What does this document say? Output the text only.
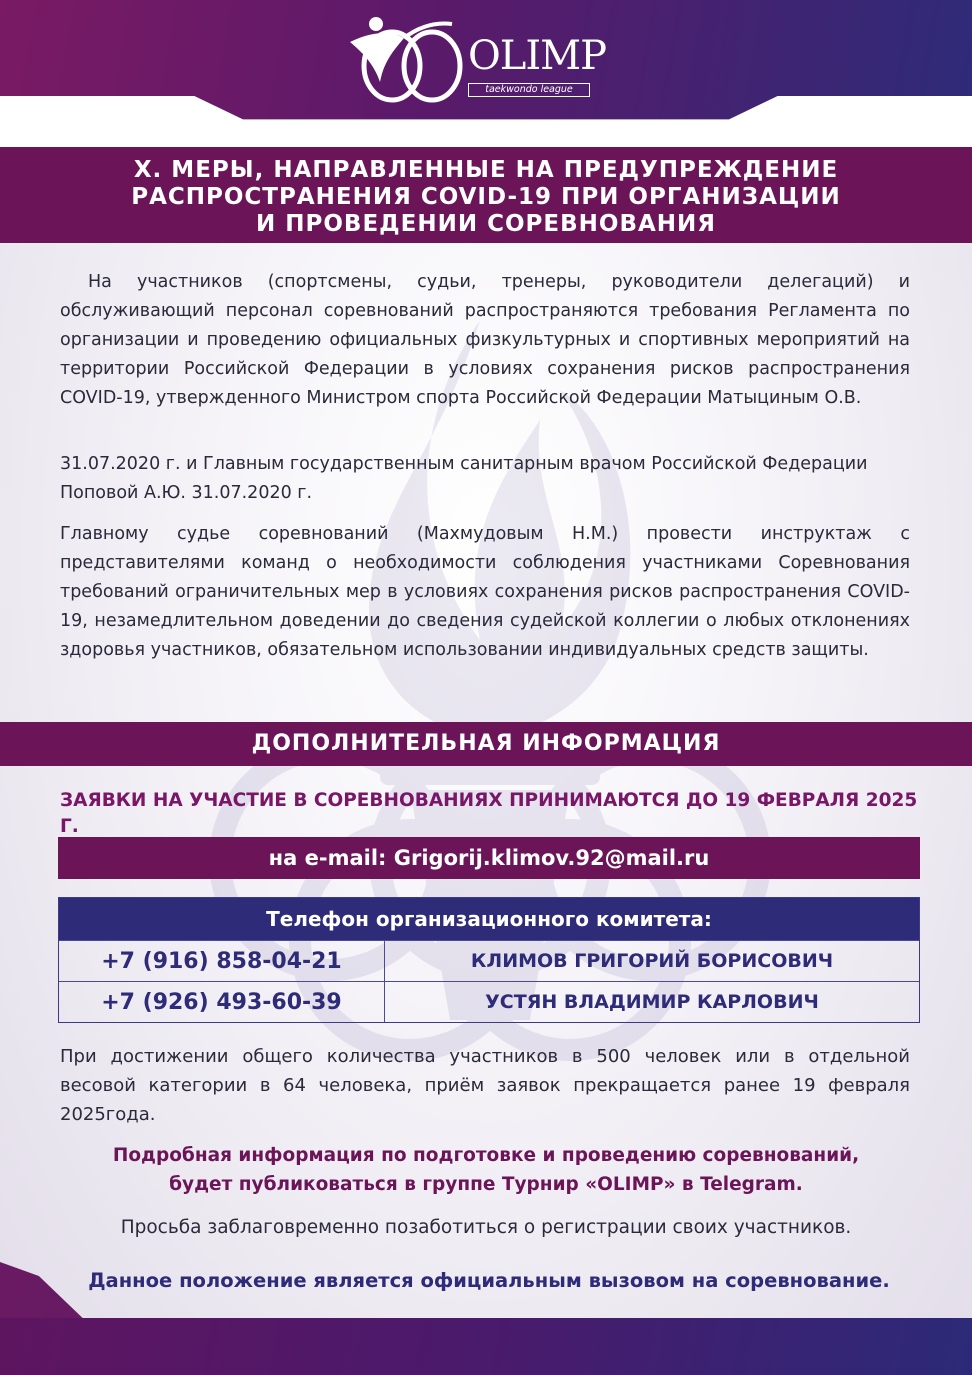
OLIMP
taekwondo league
X. МЕРЫ, НАПРАВЛЕННЫЕ НА ПРЕДУПРЕЖДЕНИЕ
РАСПРОСТРАНЕНИЯ COVID-19 ПРИ ОРГАНИЗАЦИИ
И ПРОВЕДЕНИИ СОРЕВНОВАНИЯ

На участников (спортсмены, судьи, тренеры, руководители делегаций) и обслуживающий персонал соревнований распространяются требования Регламента по организации и проведению официальных физкультурных и спортивных мероприятий на территории Российской Федерации в условиях сохранения рисков распространения COVID-19, утвержденного Министром спорта Российской Федерации Матыциным О.В.

31.07.2020 г. и Главным государственным санитарным врачом Российской Федерации Поповой А.Ю. 31.07.2020 г.

Главному судье соревнований (Махмудовым Н.М.) провести инструктаж с представителями команд о необходимости соблюдения участниками Соревнования требований ограничительных мер в условиях сохранения рисков распространения COVID-19, незамедлительном доведении до сведения судейской коллегии о любых отклонениях здоровья участников, обязательном использовании индивидуальных средств защиты.

ДОПОЛНИТЕЛЬНАЯ ИНФОРМАЦИЯ
ЗАЯВКИ НА УЧАСТИЕ В СОРЕВНОВАНИЯХ ПРИНИМАЮТСЯ ДО 19 ФЕВРАЛЯ 2025 Г.
на e-mail: Grigorij.klimov.92@mail.ru
Телефон организационного комитета:
+7 (916) 858-04-21	КЛИМОВ ГРИГОРИЙ БОРИСОВИЧ
+7 (926) 493-60-39	УСТЯН ВЛАДИМИР КАРЛОВИЧ

При достижении общего количества участников в 500 человек или в отдельной весовой категории в 64 человека, приём заявок прекращается ранее 19 февраля 2025года.

Подробная информация по подготовке и проведению соревнований,
будет публиковаться в группе Турнир «OLIMP» в Telegram.

Просьба заблаговременно позаботиться о регистрации своих участников.

Данное положение является официальным вызовом на соревнование.
